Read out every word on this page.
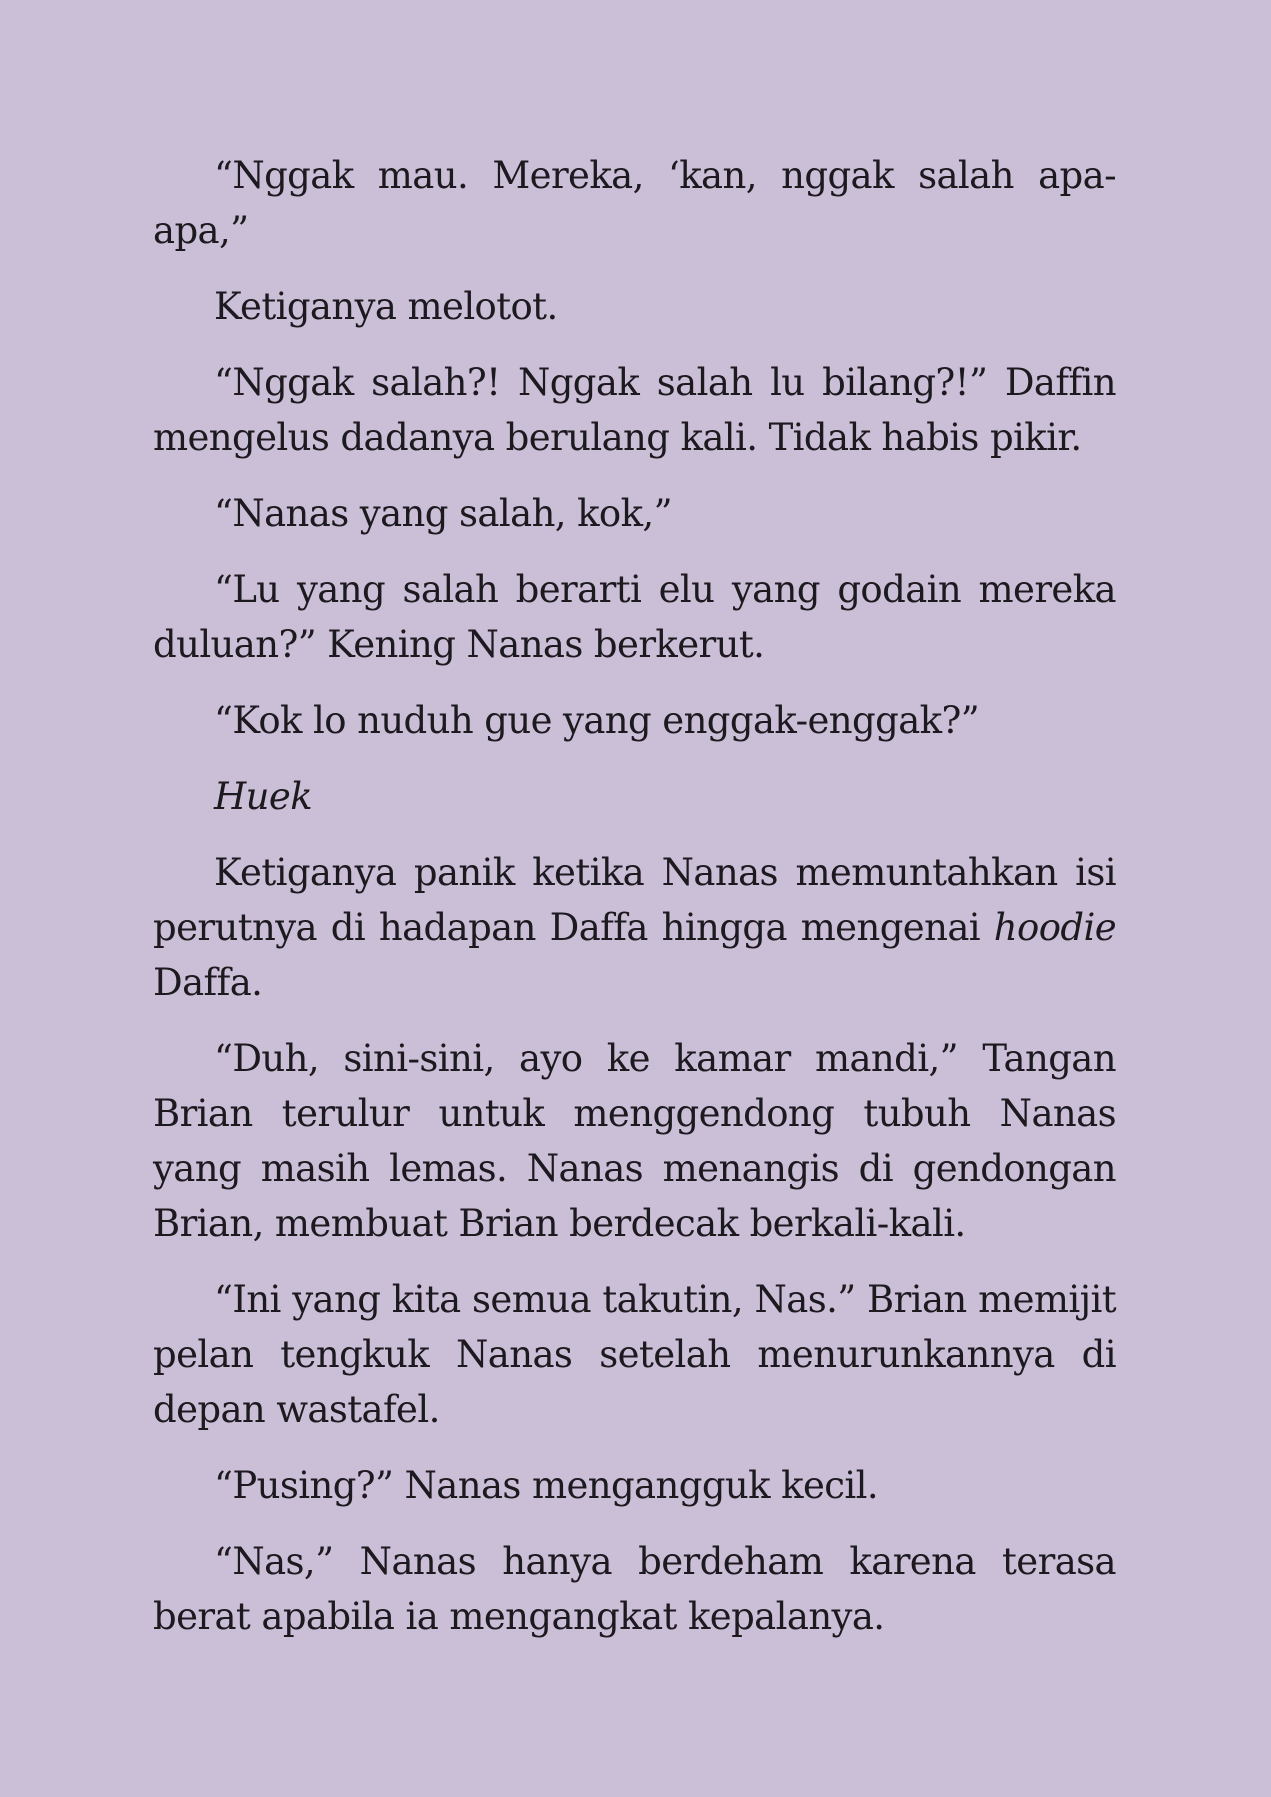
“Nggak mau. Mereka, ‘kan, nggak salah apa-apa,”

Ketiganya melotot.

“Nggak salah?! Nggak salah lu bilang?!” Daffin mengelus dadanya berulang kali. Tidak habis pikir.

“Nanas yang salah, kok,”

“Lu yang salah berarti elu yang godain mereka duluan?” Kening Nanas berkerut.

“Kok lo nuduh gue yang enggak-enggak?”

Huek

Ketiganya panik ketika Nanas memuntahkan isi perutnya di hadapan Daffa hingga mengenai hoodie Daffa.

“Duh, sini-sini, ayo ke kamar mandi,” Tangan Brian terulur untuk menggendong tubuh Nanas yang masih lemas. Nanas menangis di gendongan Brian, membuat Brian berdecak berkali-kali.

“Ini yang kita semua takutin, Nas.” Brian memijit pelan tengkuk Nanas setelah menurunkannya di depan wastafel.

“Pusing?” Nanas mengangguk kecil.

“Nas,” Nanas hanya berdeham karena terasa berat apabila ia mengangkat kepalanya.
